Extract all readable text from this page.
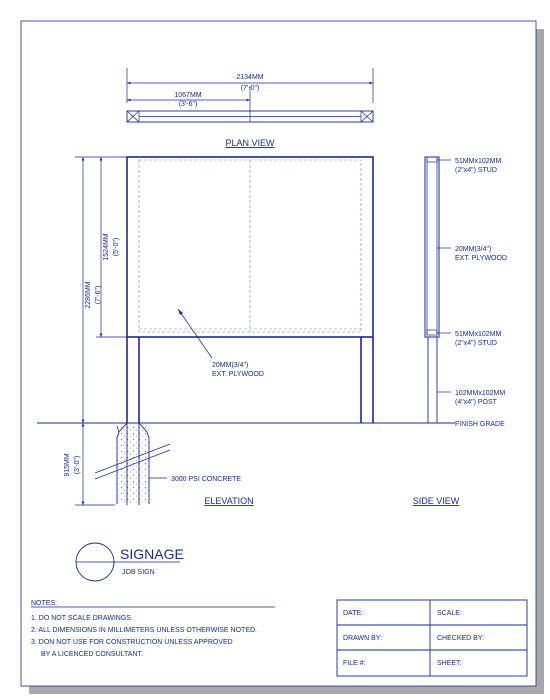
2134MM
(7'-0")
1067MM
(3'-6")
PLAN VIEW
3000 PSI CONCRETE
1524MM (5'-0")
2286MM (7'-6")
915MM (3'-0")
20MM(3/4")
EXT. PLYWOOD
ELEVATION
51MMx102MM
(2"x4") STUD
20MM(3/4")
EXT. PLYWOOD
51MMx102MM
(2"x4") STUD
102MMx102MM
(4"x4") POST
FINISH GRADE
SIDE VIEW
SIGNAGE
JOB SIGN
NOTES:
1. DO NOT SCALE DRAWINGS.
2. ALL DIMENSIONS IN MILLIMETERS UNLESS OTHERWISE NOTED.
3. DON NOT USE FOR CONSTRUCTION UNLESS APPROVED
BY A LICENCED CONSULTANT.
DATE:	SCALE:
DRAWN BY:	CHECKED BY:
FILE #:	SHEET:
